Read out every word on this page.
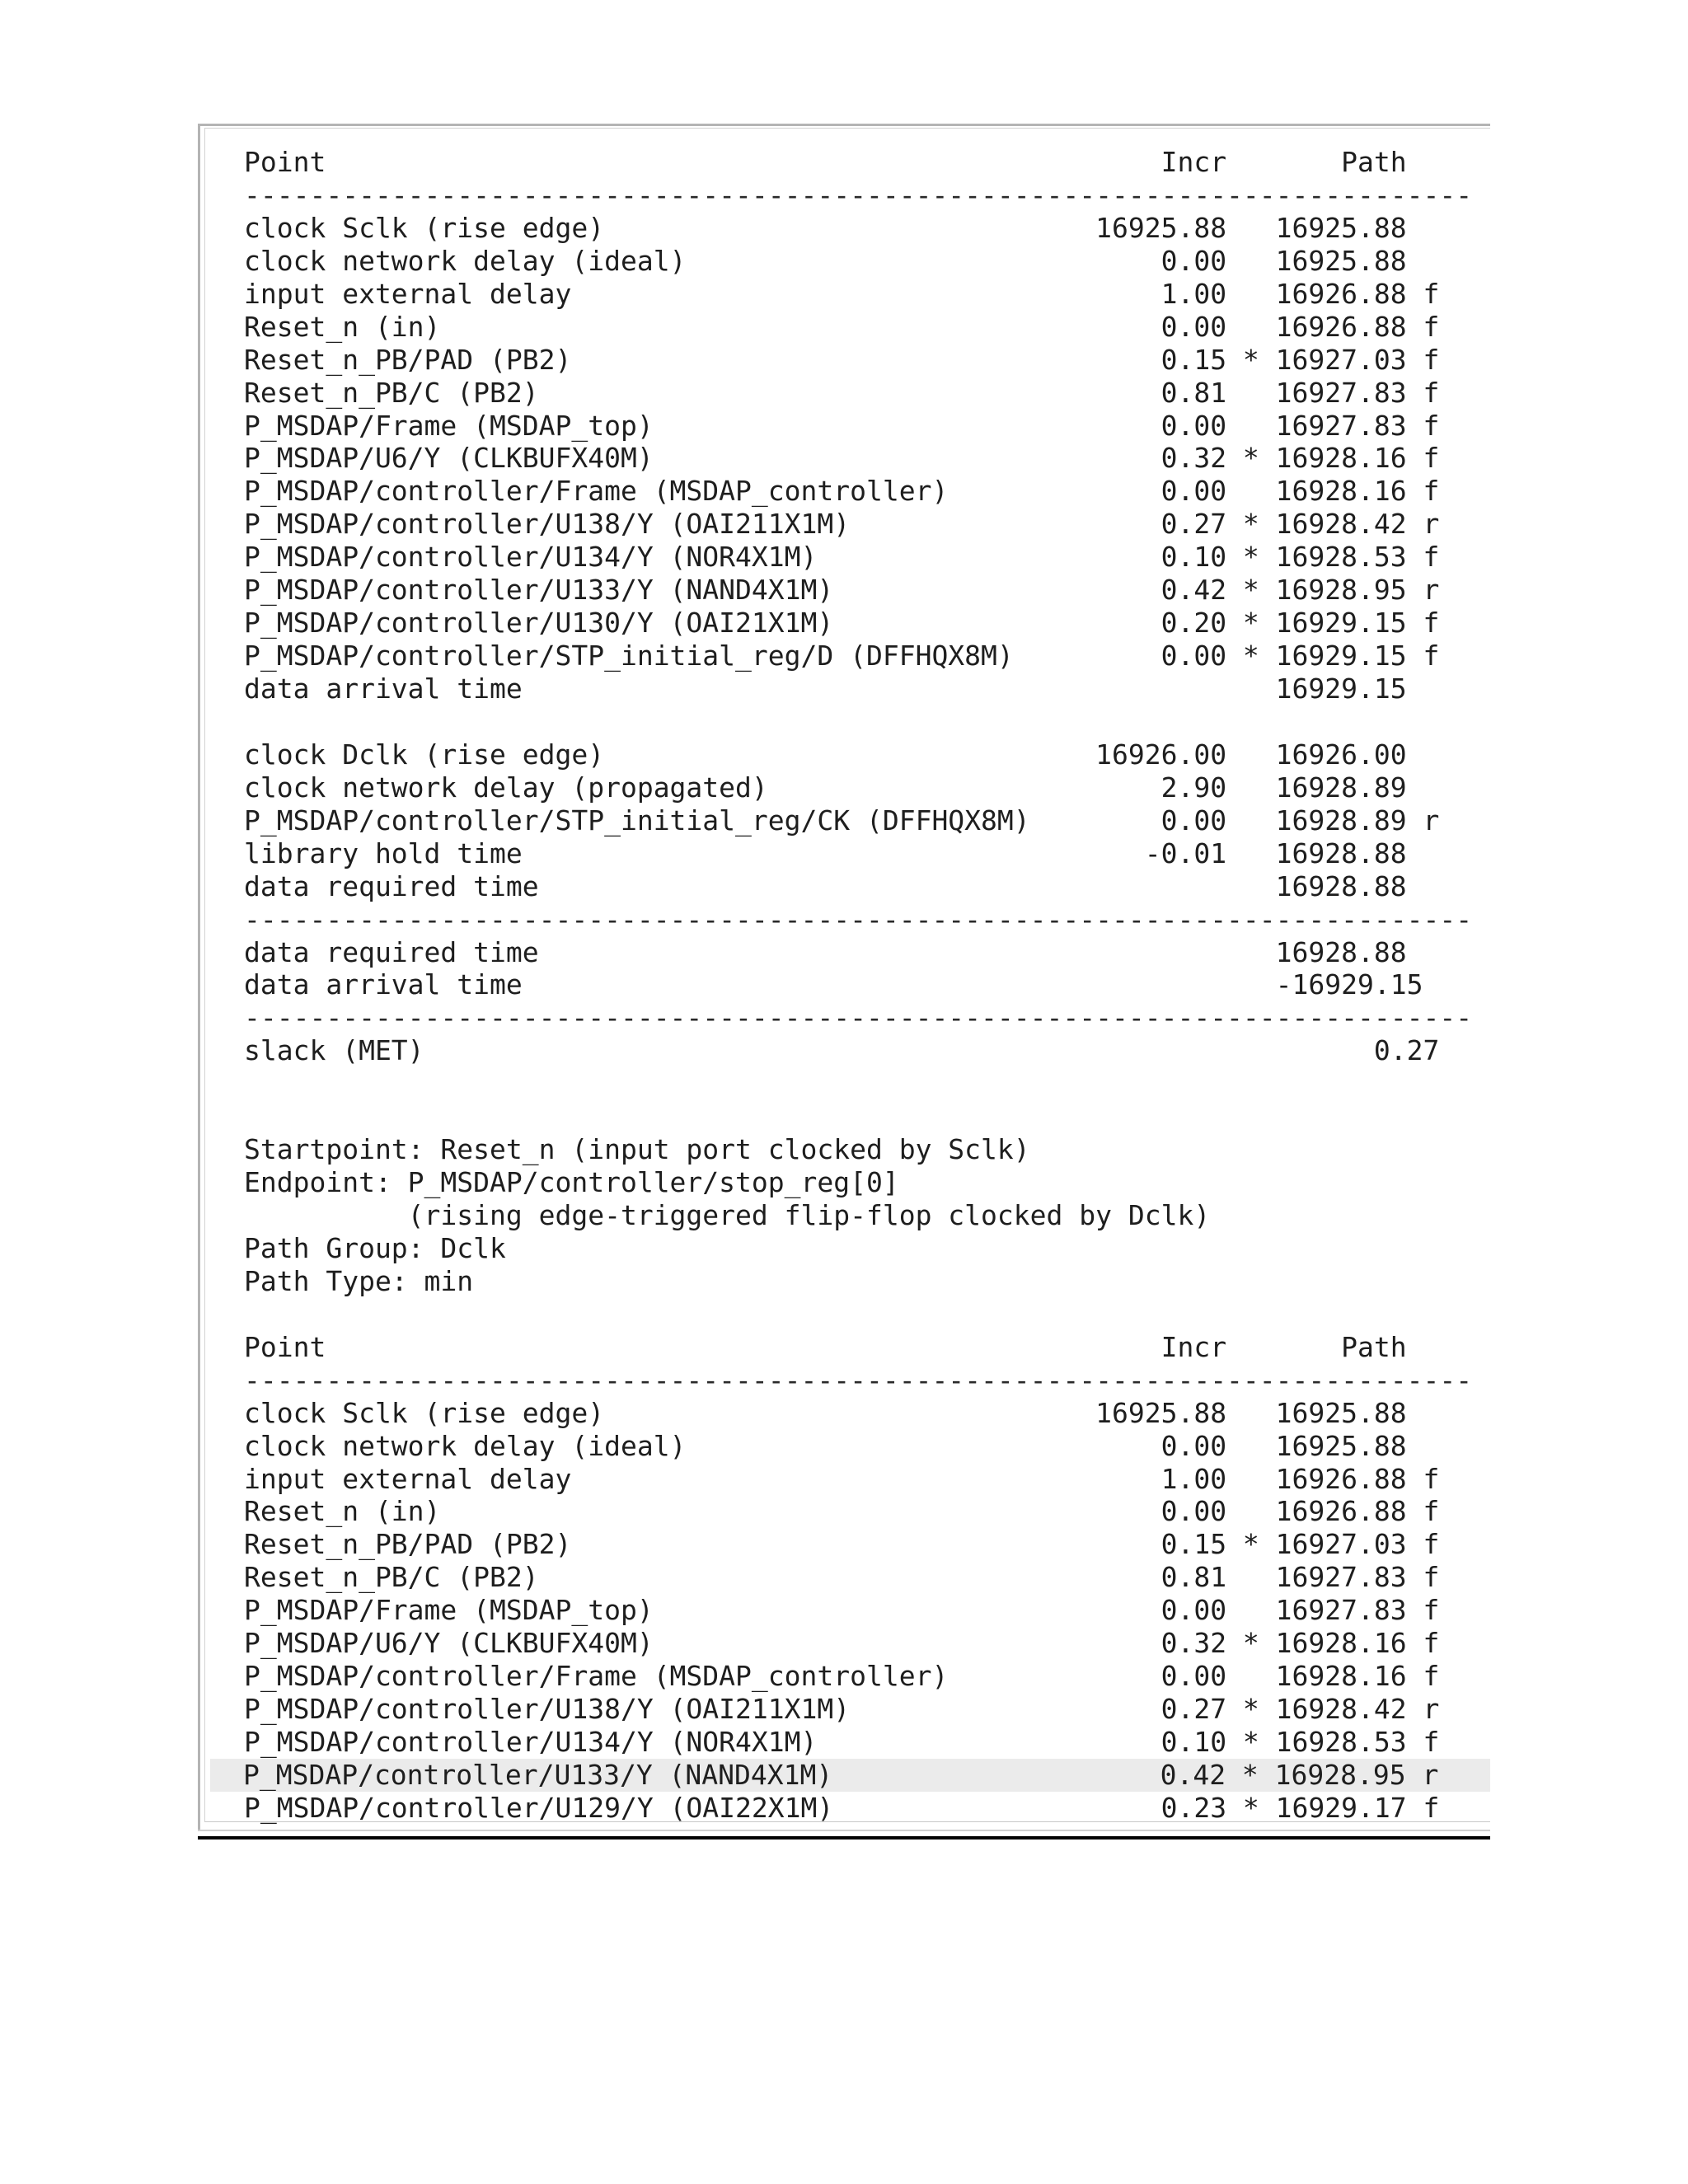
Point                                                   Incr       Path
---------------------------------------------------------------------------
clock Sclk (rise edge)                              16925.88   16925.88
clock network delay (ideal)                             0.00   16925.88
input external delay                                    1.00   16926.88 f
Reset_n (in)                                            0.00   16926.88 f
Reset_n_PB/PAD (PB2)                                    0.15 * 16927.03 f
Reset_n_PB/C (PB2)                                      0.81   16927.83 f
P_MSDAP/Frame (MSDAP_top)                               0.00   16927.83 f
P_MSDAP/U6/Y (CLKBUFX40M)                               0.32 * 16928.16 f
P_MSDAP/controller/Frame (MSDAP_controller)             0.00   16928.16 f
P_MSDAP/controller/U138/Y (OAI211X1M)                   0.27 * 16928.42 r
P_MSDAP/controller/U134/Y (NOR4X1M)                     0.10 * 16928.53 f
P_MSDAP/controller/U133/Y (NAND4X1M)                    0.42 * 16928.95 r
P_MSDAP/controller/U130/Y (OAI21X1M)                    0.20 * 16929.15 f
P_MSDAP/controller/STP_initial_reg/D (DFFHQX8M)         0.00 * 16929.15 f
data arrival time                                              16929.15
clock Dclk (rise edge)                              16926.00   16926.00
clock network delay (propagated)                        2.90   16928.89
P_MSDAP/controller/STP_initial_reg/CK (DFFHQX8M)        0.00   16928.89 r
library hold time                                      -0.01   16928.88
data required time                                             16928.88
---------------------------------------------------------------------------
data required time                                             16928.88
data arrival time                                              -16929.15
---------------------------------------------------------------------------
slack (MET)                                                          0.27
Startpoint: Reset_n (input port clocked by Sclk)
Endpoint: P_MSDAP/controller/stop_reg[0]
(rising edge-triggered flip-flop clocked by Dclk)
Path Group: Dclk
Path Type: min
Point                                                   Incr       Path
---------------------------------------------------------------------------
clock Sclk (rise edge)                              16925.88   16925.88
clock network delay (ideal)                             0.00   16925.88
input external delay                                    1.00   16926.88 f
Reset_n (in)                                            0.00   16926.88 f
Reset_n_PB/PAD (PB2)                                    0.15 * 16927.03 f
Reset_n_PB/C (PB2)                                      0.81   16927.83 f
P_MSDAP/Frame (MSDAP_top)                               0.00   16927.83 f
P_MSDAP/U6/Y (CLKBUFX40M)                               0.32 * 16928.16 f
P_MSDAP/controller/Frame (MSDAP_controller)             0.00   16928.16 f
P_MSDAP/controller/U138/Y (OAI211X1M)                   0.27 * 16928.42 r
P_MSDAP/controller/U134/Y (NOR4X1M)                     0.10 * 16928.53 f
P_MSDAP/controller/U133/Y (NAND4X1M)                    0.42 * 16928.95 r
P_MSDAP/controller/U129/Y (OAI22X1M)                    0.23 * 16929.17 f
